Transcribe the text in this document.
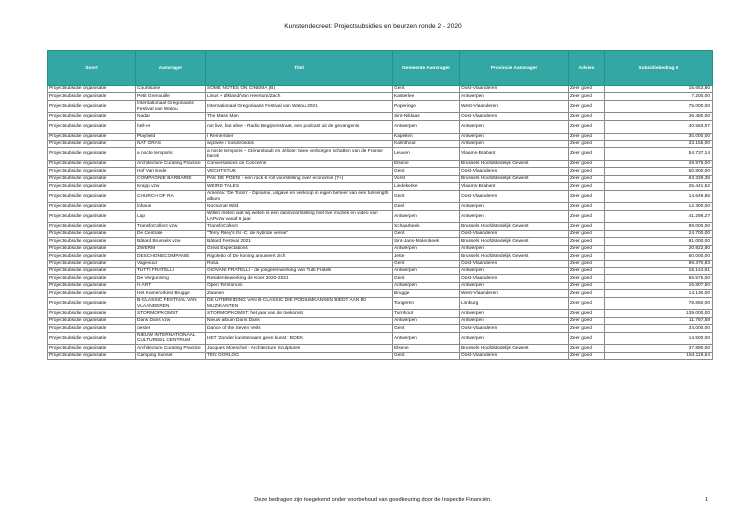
Kunstendecreet: Projectsubsidies en beurzen ronde 2 - 2020
Soort	Aanvrager	Titel	Gemeente Aanvrager	Provincie Aanvrager	Advies	Subsidiebedrag €
Projectsubsidie organisatie	Courtisane	SOME NOTES ON CINEMA (B)	Gent	Oost-Vlaanderen	Zeer goed	16.653,80
Projectsubsidie organisatie	Petit Grenouille	Linus + Økland/Van Heertum/Zach	Kasterlee	Antwerpen	Zeer goed	7.200,00
Projectsubsidie organisatie	Internationaal Gregoriaans Festival van Watou	Internationaal Gregoriaans Festival van Watou 2021	Poperinge	West-Vlaanderen	Zeer goed	75.000,00
Projectsubsidie organisatie	Nadar	The Mass Man	Sint-Niklaas	Oost-Vlaanderen	Zeer goed	36.480,00
Projectsubsidie organisatie	hell-er	not live, but alive - Radio Begijnenstraat, een podcast uit de gevangenis	Antwerpen	Antwerpen	Zeer goed	40.583,07
Projectsubsidie organisatie	Playfield	I Remember	Kapellen	Antwerpen	Zeer goed	30.000,00
Projectsubsidie organisatie	NAT GRAS	wijzwee / nosotrosdos	Kalmthout	Antwerpen	Zeer goed	33.155,00
Projectsubsidie organisatie	a nocte temporis	a nocte temporis – Clérambault en Jéliote: twee verborgen schatten van de Franse barok	Leuven	Vlaams-Brabant	Zeer goed	54.737,14
Projectsubsidie organisatie	Architecture Curating Practice	Conversations on Concerns	Elsene	Brussels Hoofdstedelijk Gewest	Zeer goed	28.975,00
Projectsubsidie organisatie	Hof Van Eede	VECHTSTUK	Gent	Oost-Vlaanderen	Zeer goed	60.800,00
Projectsubsidie organisatie	COMPAGNIE BARBARIE	PAK DE POEN! - een rock € roll voorstelling over economie (7+)	Vorst	Brussels Hoofdstedelijk Gewest	Zeer goed	63.339,35
Projectsubsidie organisatie	Krapp vzw	WEIRD TALES	Liedekerke	Vlaams-Brabant	Zeer goed	25.441,62
Projectsubsidie organisatie	CHURCH OF RA	Amenra: 'De Toorn' - Opname, uitgave en verkoop in eigen beheer van een full-length album	Gent	Oost-Vlaanderen	Zeer goed	14.649,85
Projectsubsidie organisatie	lohaus	Nocturnal Wild	Geel	Antwerpen	Zeer goed	12.300,00
Projectsubsidie organisatie	Lap	Willen meten wat wij weten is een dansvoorstelling met live muziek en video van LAPvzw vanaf 6 jaar.	Antwerpen	Antwerpen	Zeer goed	41.298,27
Projectsubsidie organisatie	TransfoCollect vzw	TransfoCollect	Schaarbeek	Brussels Hoofdstedelijk Gewest	Zeer goed	98.000,00
Projectsubsidie organisatie	De Centrale	"Terry Riley's IN -C: de hybride versie"	Gent	Oost-Vlaanderen	Zeer goed	24.700,00
Projectsubsidie organisatie	Bâtard Brussels vzw	Bâtard Festival 2021	Sint-Jans-Molenbeek	Brussels Hoofdstedelijk Gewest	Zeer goed	81.000,00
Projectsubsidie organisatie	ZWERM	Great Expectations	Antwerpen	Antwerpen	Zeer goed	20.922,80
Projectsubsidie organisatie	DESCHONECOMPANIE	Rigoletto of De koning amuseert zich	Jette	Brussels Hoofdstedelijk Gewest	Zeer goed	60.000,00
Projectsubsidie organisatie	Vagevuur	Rosa.	Gent	Oost-Vlaanderen	Zeer goed	89.370,83
Projectsubsidie organisatie	TUTTI FRATELLI	GIOVANI FRATELLI - de jongerenwerking van Tutti Fratelli	Antwerpen	Antwerpen	Zeer goed	15.144,61
Projectsubsidie organisatie	De Vergunning	Residentiewerking de Koer 2020-2021	Gent	Oost-Vlaanderen	Zeer goed	55.575,00
Projectsubsidie organisatie	H ART	Open Territorium	Antwerpen	Antwerpen	Zeer goed	16.807,50
Projectsubsidie organisatie	Het Kamerorkest Brugge	Zwanen	Brugge	West-Vlaanderen	Zeer goed	14.130,00
Projectsubsidie organisatie	B-CLASSIC FESTIVAL VAN VLAANDEREN	DE UITBREIDING VAN B-CLASSIC DIE PODIUMKANSEN BIEDT AAN 80 MUZIKANTEN	Tongeren	Limburg	Zeer goed	78.850,00
Projectsubsidie organisatie	STORMOPKOMST	STORMOPKOMST: het jaar van de toekomst	Turnhout	Antwerpen	Zeer goed	139.000,00
Projectsubsidie organisatie	Dans Dans vzw	Nieuw album Dans Dans	Antwerpen	Antwerpen	Zeer goed	11.787,58
Projectsubsidie organisatie	oester	Dance of the Seven Veils	Gent	Oost-Vlaanderen	Zeer goed	34.000,00
Projectsubsidie organisatie	NIEUW INTERNATIONAAL CULTUREEL CENTRUM	HET 'Zonder kunstenaars geen kunst.' BOEK	Antwerpen	Antwerpen	Zeer goed	14.500,00
Projectsubsidie organisatie	Architecture Curating Practice	Jacques Moeschal - Architecture Sculptures	Elsene	Brussels Hoofdstedelijk Gewest	Zeer goed	37.890,00
Projectsubsidie organisatie	Camping Sunset	TEN OORLOG	Gent	Oost-Vlaanderen	Zeer goed	154.119,64
Deze bedragen zijn toegekend onder voorbehoud van goedkeuring door de Inspectie Financiën.	1
